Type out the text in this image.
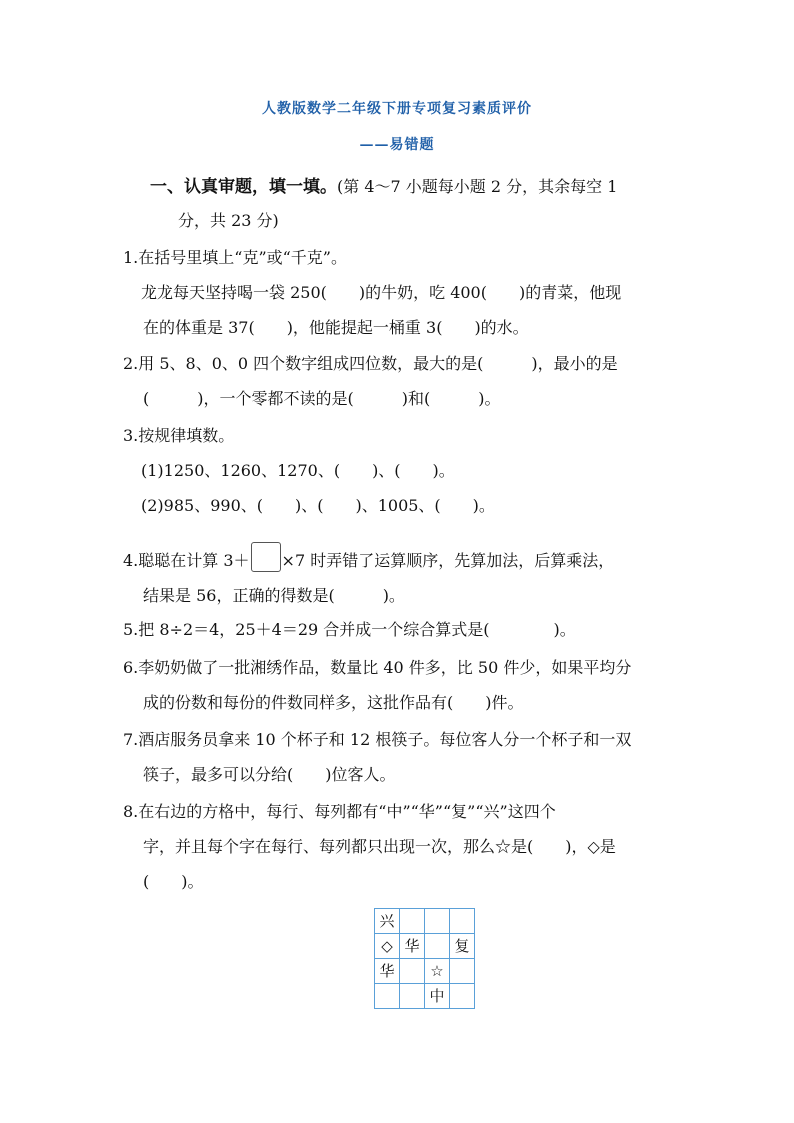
人教版数学二年级下册专项复习素质评价
——易错题
一、认真审题，填一填。(第 4～7 小题每小题 2 分，其余每空 1
分，共 23 分)
1.在括号里填上“克”或“千克”。
龙龙每天坚持喝一袋 250(　　)的牛奶，吃 400(　　)的青菜，他现
在的体重是 37(　　)，他能提起一桶重 3(　　)的水。
2.用 5、8、0、0 四个数字组成四位数，最大的是(　　　)，最小的是
(　　　)，一个零都不读的是(　　　)和(　　　)。
3.按规律填数。
(1)1250、1260、1270、(　　)、(　　)。
(2)985、990、(　　)、(　　)、1005、(　　)。
4.聪聪在计算 3＋ ×7 时弄错了运算顺序，先算加法，后算乘法，
结果是 56，正确的得数是(　　　)。
5.把 8÷2＝4，25＋4＝29 合并成一个综合算式是(　　　　)。
6.李奶奶做了一批湘绣作品，数量比 40 件多，比 50 件少，如果平均分
成的份数和每份的件数同样多，这批作品有(　　)件。
7.酒店服务员拿来 10 个杯子和 12 根筷子。每位客人分一个杯子和一双
筷子，最多可以分给(　　)位客人。
8.在右边的方格中，每行、每列都有“中”“华”“复”“兴”这四个
字，并且每个字在每行、每列都只出现一次，那么☆是(　　)，◇是
(　　)。
兴			
◇	华		复
华		☆	
		中	
